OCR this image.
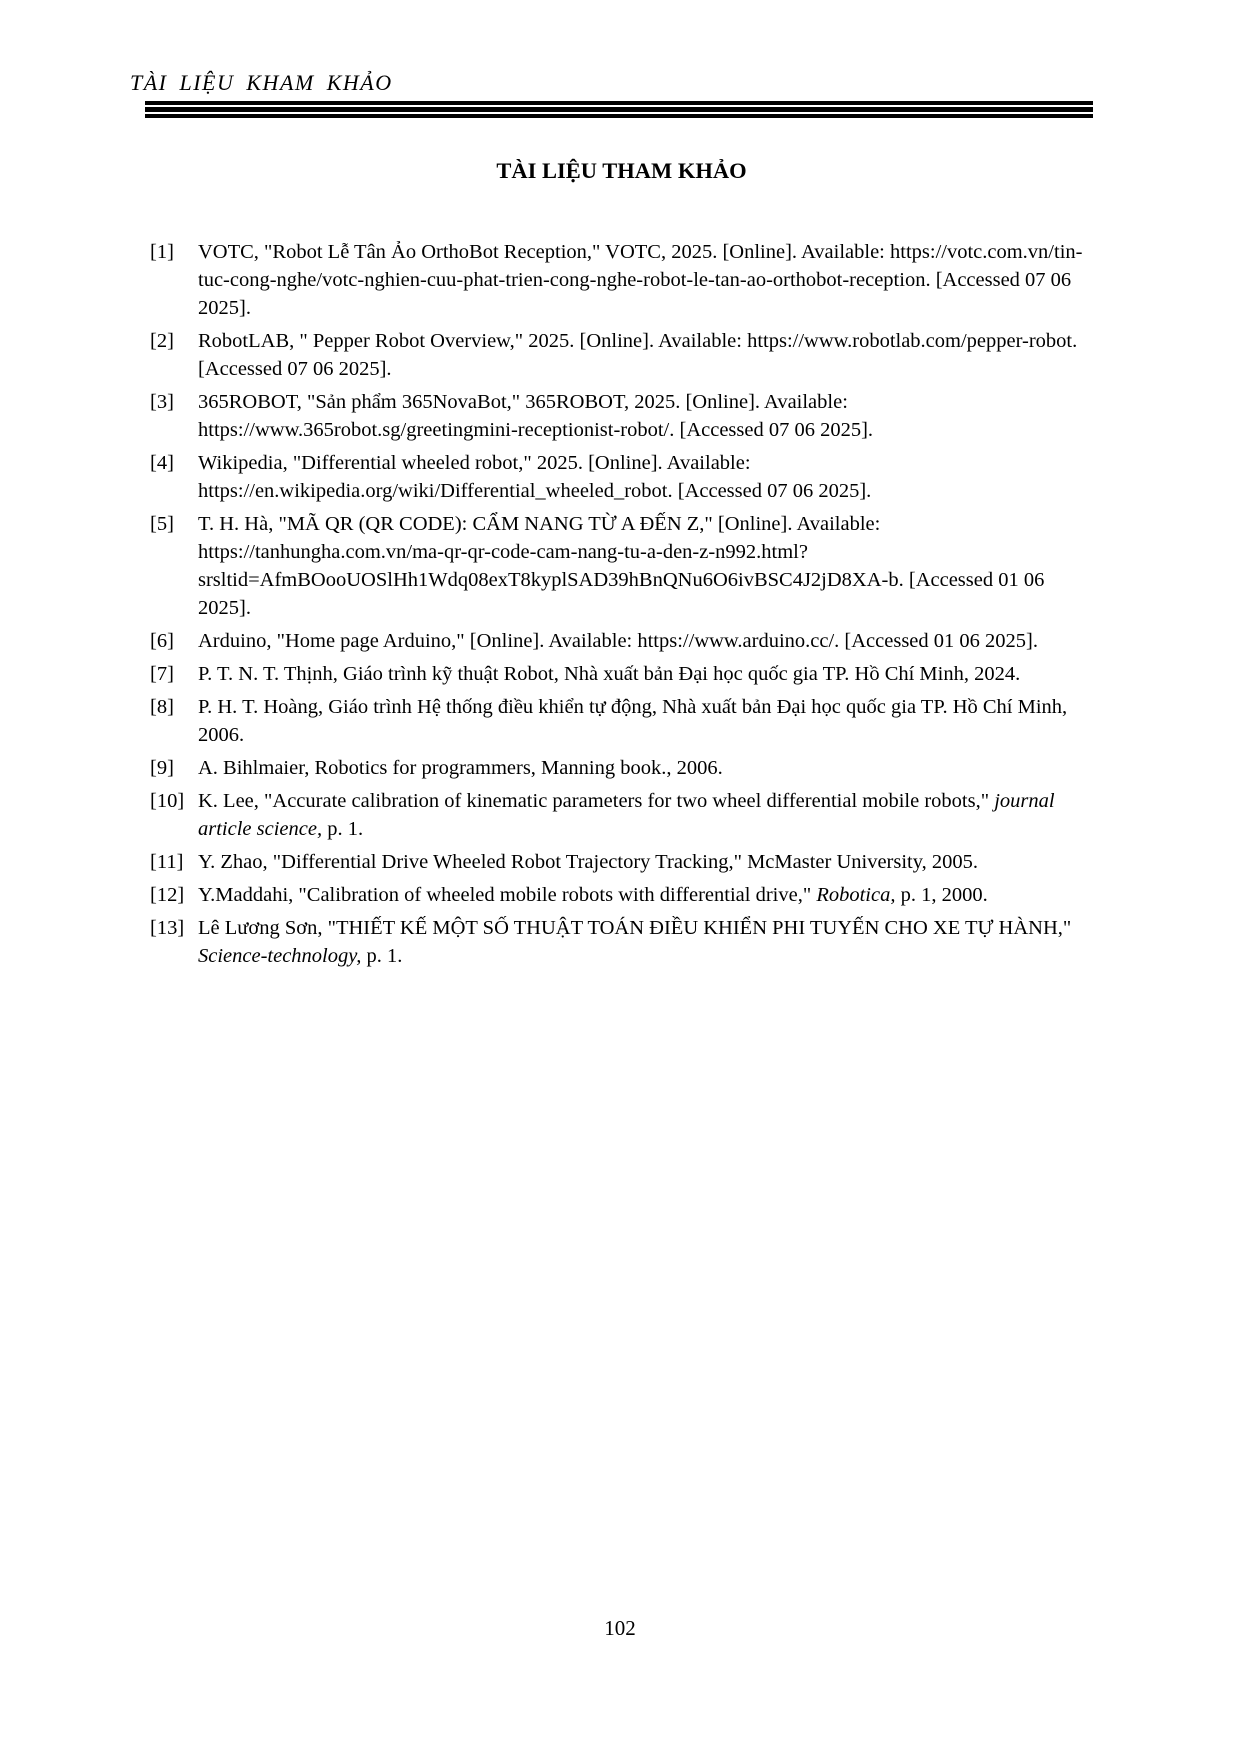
TÀI LIỆU KHAM KHẢO
TÀI LIỆU THAM KHẢO
[1] VOTC, "Robot Lễ Tân Ảo OrthoBot Reception," VOTC, 2025. [Online]. Available: https://votc.com.vn/tin-tuc-cong-nghe/votc-nghien-cuu-phat-trien-cong-nghe-robot-le-tan-ao-orthobot-reception. [Accessed 07 06 2025].
[2] RobotLAB, " Pepper Robot Overview," 2025. [Online]. Available: https://www.robotlab.com/pepper-robot. [Accessed 07 06 2025].
[3] 365ROBOT, "Sản phẩm 365NovaBot," 365ROBOT, 2025. [Online]. Available: https://www.365robot.sg/greetingmini-receptionist-robot/. [Accessed 07 06 2025].
[4] Wikipedia, "Differential wheeled robot," 2025. [Online]. Available: https://en.wikipedia.org/wiki/Differential_wheeled_robot. [Accessed 07 06 2025].
[5] T. H. Hà, "MÃ QR (QR CODE): CẨM NANG TỪ A ĐẾN Z," [Online]. Available: https://tanhungha.com.vn/ma-qr-qr-code-cam-nang-tu-a-den-z-n992.html?srsltid=AfmBOooUOSlHh1Wdq08exT8kyplSAD39hBnQNu6O6ivBSC4J2jD8XA-b. [Accessed 01 06 2025].
[6] Arduino, "Home page Arduino," [Online]. Available: https://www.arduino.cc/. [Accessed 01 06 2025].
[7] P. T. N. T. Thịnh, Giáo trình kỹ thuật Robot, Nhà xuất bản Đại học quốc gia TP. Hồ Chí Minh, 2024.
[8] P. H. T. Hoàng, Giáo trình Hệ thống điều khiển tự động, Nhà xuất bản Đại học quốc gia TP. Hồ Chí Minh, 2006.
[9] A. Bihlmaier, Robotics for programmers, Manning book., 2006.
[10] K. Lee, "Accurate calibration of kinematic parameters for two wheel differential mobile robots," journal article science, p. 1.
[11] Y. Zhao, "Differential Drive Wheeled Robot Trajectory Tracking," McMaster University, 2005.
[12] Y.Maddahi, "Calibration of wheeled mobile robots with differential drive," Robotica, p. 1, 2000.
[13] Lê Lương Sơn, "THIẾT KẾ MỘT SỐ THUẬT TOÁN ĐIỀU KHIỂN PHI TUYẾN CHO XE TỰ HÀNH," Science-technology, p. 1.
102
